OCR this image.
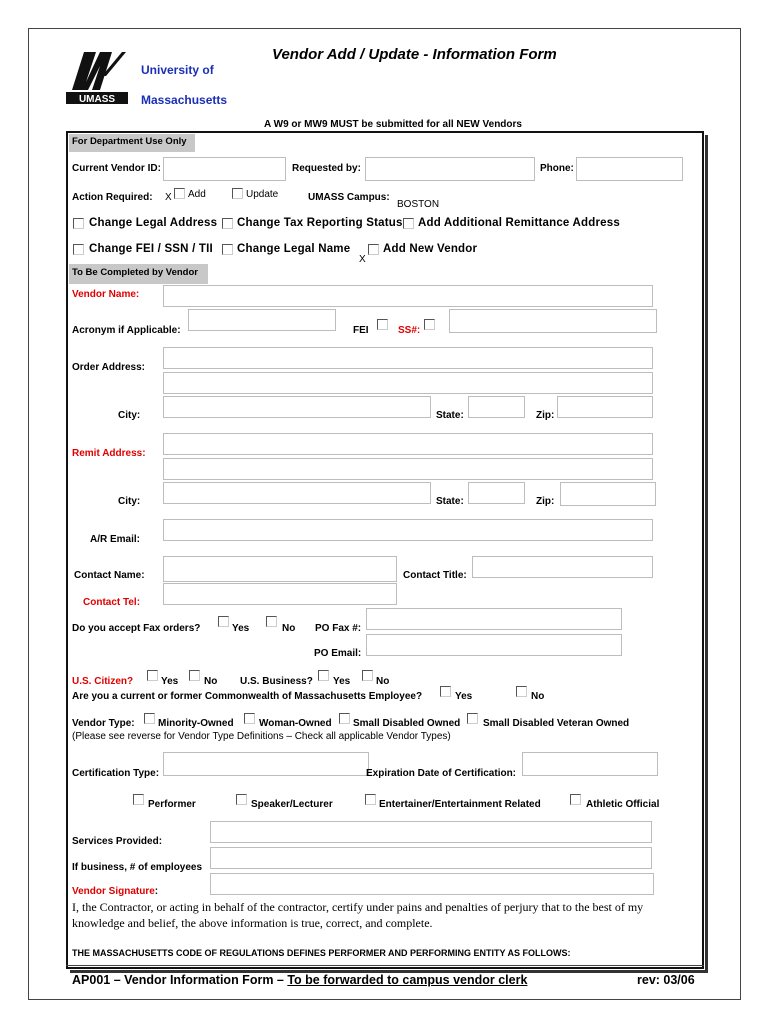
UMASS
University of
Massachusetts
Vendor Add / Update - Information Form
A W9 or MW9 MUST be submitted for all NEW Vendors
For Department Use Only
Current Vendor ID:	Requested by:	Phone:
Action Required: X Add	Update	UMASS Campus:
BOSTON
Change Legal Address Change Tax Reporting Status Add Additional Remittance Address
Change FEI / SSN / TII Change Legal Name
X
Add New Vendor
To Be Completed by Vendor
Vendor Name:
Acronym if Applicable:	FEI	SS#:
Order Address:
City:	State:	Zip:
Remit Address:
City:	State:	Zip:
A/R Email:
Contact Name:	Contact Title:
Contact Tel:
Do you accept Fax orders?	Yes	No PO Fax #:
PO Email:
U.S. Citizen?	Yes	No U.S. Business? Yes	No
Are you a current or former Commonwealth of Massachusetts Employee?	Yes	No
Vendor Type: Minority-Owned	Woman-Owned Small Disabled Owned Small Disabled Veteran Owned
(Please see reverse for Vendor Type Definitions – Check all applicable Vendor Types)
Certification Type:	Expiration Date of Certification:
Performer	Speaker/Lecturer	Entertainer/Entertainment Related	Athletic Official
Services Provided:
If business, # of employees
Vendor Signature:
I, the Contractor, or acting in behalf of the contractor, certify under pains and penalties of perjury that to the best of my knowledge and belief, the above information is true, correct, and complete.
THE MASSACHUSETTS CODE OF REGULATIONS DEFINES PERFORMER AND PERFORMING ENTITY AS FOLLOWS:
AP001 – Vendor Information Form – To be forwarded to campus vendor clerk	rev: 03/06
